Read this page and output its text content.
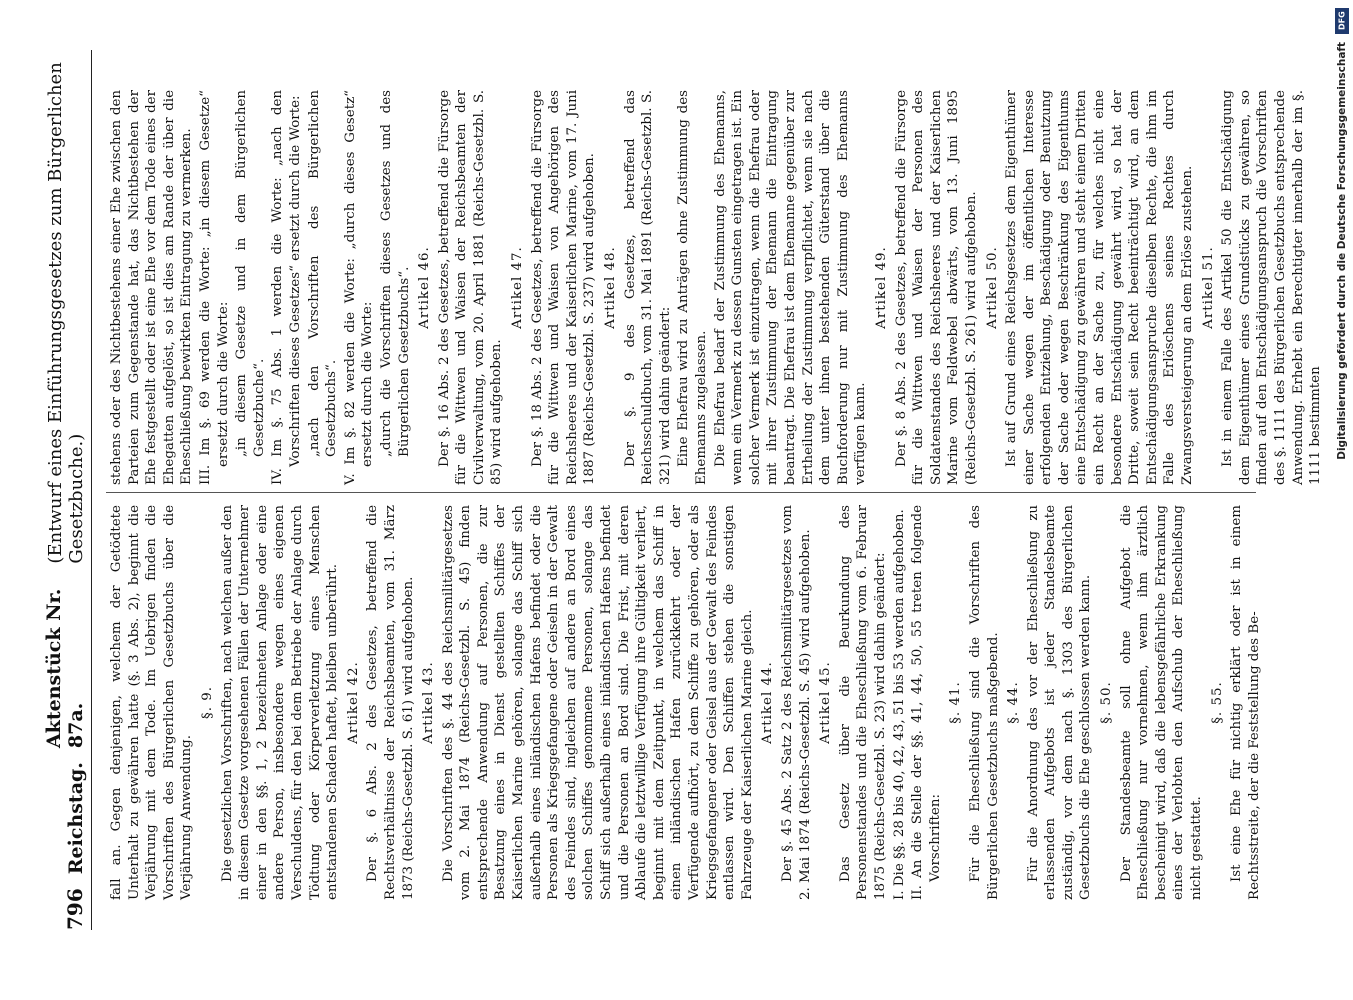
796
Reichstag.
Aktenstück Nr. 87a.
(Entwurf eines Einführungsgesetzes zum Bürgerlichen Gesetzbuche.)

fall an. Gegen denjenigen, welchem der Getödtete Unterhalt zu gewähren hatte (§. 3 Abs. 2), beginnt die Verjährung mit dem Tode. Im Uebrigen finden die Vorschriften des Bürgerlichen Gesetzbuchs über die Verjährung Anwendung.

§. 9. Die gesetzlichen Vorschriften, nach welchen außer den in diesem Gesetze vorgesehenen Fällen der Unternehmer einer in den §§. 1, 2 bezeichneten Anlage oder eine andere Person, insbesondere wegen eines eigenen Verschuldens, für den bei dem Betriebe der Anlage durch Tödtung oder Körperverletzung eines Menschen entstandenen Schaden haftet, bleiben unberührt. Artikel 42. Der §. 6 Abs. 2 des Gesetzes, betreffend die Rechtsverhältnisse der Reichsbeamten, vom 31. März 1873 (Reichs-Gesetzbl. S. 61) wird aufgehoben. Artikel 43. Die Vorschriften des §. 44 des Reichsmilitärgesetzes vom 2. Mai 1874 (Reichs-Gesetzbl. S. 45) finden entsprechende Anwendung auf Personen, die zur Besatzung eines in Dienst gestellten Schiffes der Kaiserlichen Marine gehören, solange das Schiff sich außerhalb eines inländischen Hafens befindet oder die Personen als Kriegsgefangene oder Geiseln in der Gewalt des Feindes sind, ingleichen auf andere an Bord eines solchen Schiffes genommene Personen, solange das Schiff sich außerhalb eines inländischen Hafens befindet und die Personen an Bord sind. Die Frist, mit deren Ablaufe die letztwillige Verfügung ihre Gültigkeit verliert, beginnt mit dem Zeitpunkt, in welchem das Schiff in einen inländischen Hafen zurückkehrt oder der Verfügende aufhört, zu dem Schiffe zu gehören, oder als Kriegsgefangener oder Geisel aus der Gewalt des Feindes entlassen wird. Den Schiffen stehen die sonstigen Fahrzeuge der Kaiserlichen Marine gleich. Artikel 44. Der §. 45 Abs. 2 Satz 2 des Reichsmilitärgesetzes vom 2. Mai 1874 (Reichs-Gesetzbl. S. 45) wird aufgehoben. Artikel 45. Das Gesetz über die Beurkundung des Personenstandes und die Eheschließung vom 6. Februar 1875 (Reichs-Gesetzbl. S. 23) wird dahin geändert: I. Die §§. 28 bis 40, 42, 43, 51 bis 53 werden aufgehoben. II. An die Stelle der §§. 41, 44, 50, 55 treten folgende Vorschriften:

§. 41. Für die Eheschließung sind die Vorschriften des Bürgerlichen Gesetzbuchs maßgebend. §. 44. Für die Anordnung des vor der Eheschließung zu erlassenden Aufgebots ist jeder Standesbeamte zuständig, vor dem nach §. 1303 des Bürgerlichen Gesetzbuchs die Ehe geschlossen werden kann. §. 50. Der Standesbeamte soll ohne Aufgebot die Eheschließung nur vornehmen, wenn ihm ärztlich bescheinigt wird, daß die lebensgefährliche Erkrankung eines der Verlobten den Aufschub der Eheschließung nicht gestattet.

§. 55. Ist eine Ehe für nichtig erklärt oder ist in einem Rechtsstreite, der die Feststellung des Be-

stehens oder des Nichtbestehens einer Ehe zwischen den Parteien zum Gegenstande hat, das Nichtbestehen der Ehe festgestellt oder ist eine Ehe vor dem Tode eines der Ehegatten aufgelöst, so ist dies am Rande der über die Eheschließung bewirkten Eintragung zu vermerken. III. Im §. 69 werden die Worte: „in diesem Gesetze“ ersetzt durch die Worte: „in diesem Gesetze und in dem Bürgerlichen Gesetzbuche“. IV. Im §. 75 Abs. 1 werden die Worte: „nach den Vorschriften dieses Gesetzes“ ersetzt durch die Worte: „nach den Vorschriften des Bürgerlichen Gesetzbuchs“. V. Im §. 82 werden die Worte: „durch dieses Gesetz“ ersetzt durch die Worte: „durch die Vorschriften dieses Gesetzes und des Bürgerlichen Gesetzbuchs“. Artikel 46. Der §. 16 Abs. 2 des Gesetzes, betreffend die Fürsorge für die Wittwen und Waisen der Reichsbeamten der Civilverwaltung, vom 20. April 1881 (Reichs-Gesetzbl. S. 85) wird aufgehoben.

Artikel 47. Der §. 18 Abs. 2 des Gesetzes, betreffend die Fürsorge für die Wittwen und Waisen von Angehörigen des Reichsheeres und der Kaiserlichen Marine, vom 17. Juni 1887 (Reichs-Gesetzbl. S. 237) wird aufgehoben. Artikel 48. Der §. 9 des Gesetzes, betreffend das Reichsschuldbuch, vom 31. Mai 1891 (Reichs-Gesetzbl. S. 321) wird dahin geändert: Eine Ehefrau wird zu Anträgen ohne Zustimmung des Ehemanns zugelassen. Die Ehefrau bedarf der Zustimmung des Ehemanns, wenn ein Vermerk zu dessen Gunsten eingetragen ist. Ein solcher Vermerk ist einzutragen, wenn die Ehefrau oder mit ihrer Zustimmung der Ehemann die Eintragung beantragt. Die Ehefrau ist dem Ehemanne gegenüber zur Ertheilung der Zustimmung verpflichtet, wenn sie nach dem unter ihnen bestehenden Güterstand über die Buchforderung nur mit Zustimmung des Ehemanns verfügen kann.

Artikel 49. Der §. 8 Abs. 2 des Gesetzes, betreffend die Fürsorge für die Wittwen und Waisen der Personen des Soldatenstandes des Reichsheeres und der Kaiserlichen Marine vom Feldwebel abwärts, vom 13. Juni 1895 (Reichs-Gesetzbl. S. 261) wird aufgehoben. Artikel 50. Ist auf Grund eines Reichsgesetzes dem Eigenthümer einer Sache wegen der im öffentlichen Interesse erfolgenden Entziehung, Beschädigung oder Benutzung der Sache oder wegen Beschränkung des Eigenthums eine Entschädigung zu gewähren und steht einem Dritten ein Recht an der Sache zu, für welches nicht eine besondere Entschädigung gewährt wird, so hat der Dritte, soweit sein Recht beeinträchtigt wird, an dem Entschädigungsanspruche dieselben Rechte, die ihm im Falle des Erlöschens seines Rechtes durch Zwangsversteigerung an dem Erlöse zustehen. Artikel 51. Ist in einem Falle des Artikel 50 die Entschädigung dem Eigenthümer eines Grundstücks zu gewähren, so finden auf den Entschädigungsanspruch die Vorschriften des §. 1111 des Bürgerlichen Gesetzbuchs entsprechende Anwendung. Erhebt ein Berechtigter innerhalb der im §. 1111 bestimmten

DFG
Digitalisierung gefördert durch die Deutsche Forschungsgemeinschaft
